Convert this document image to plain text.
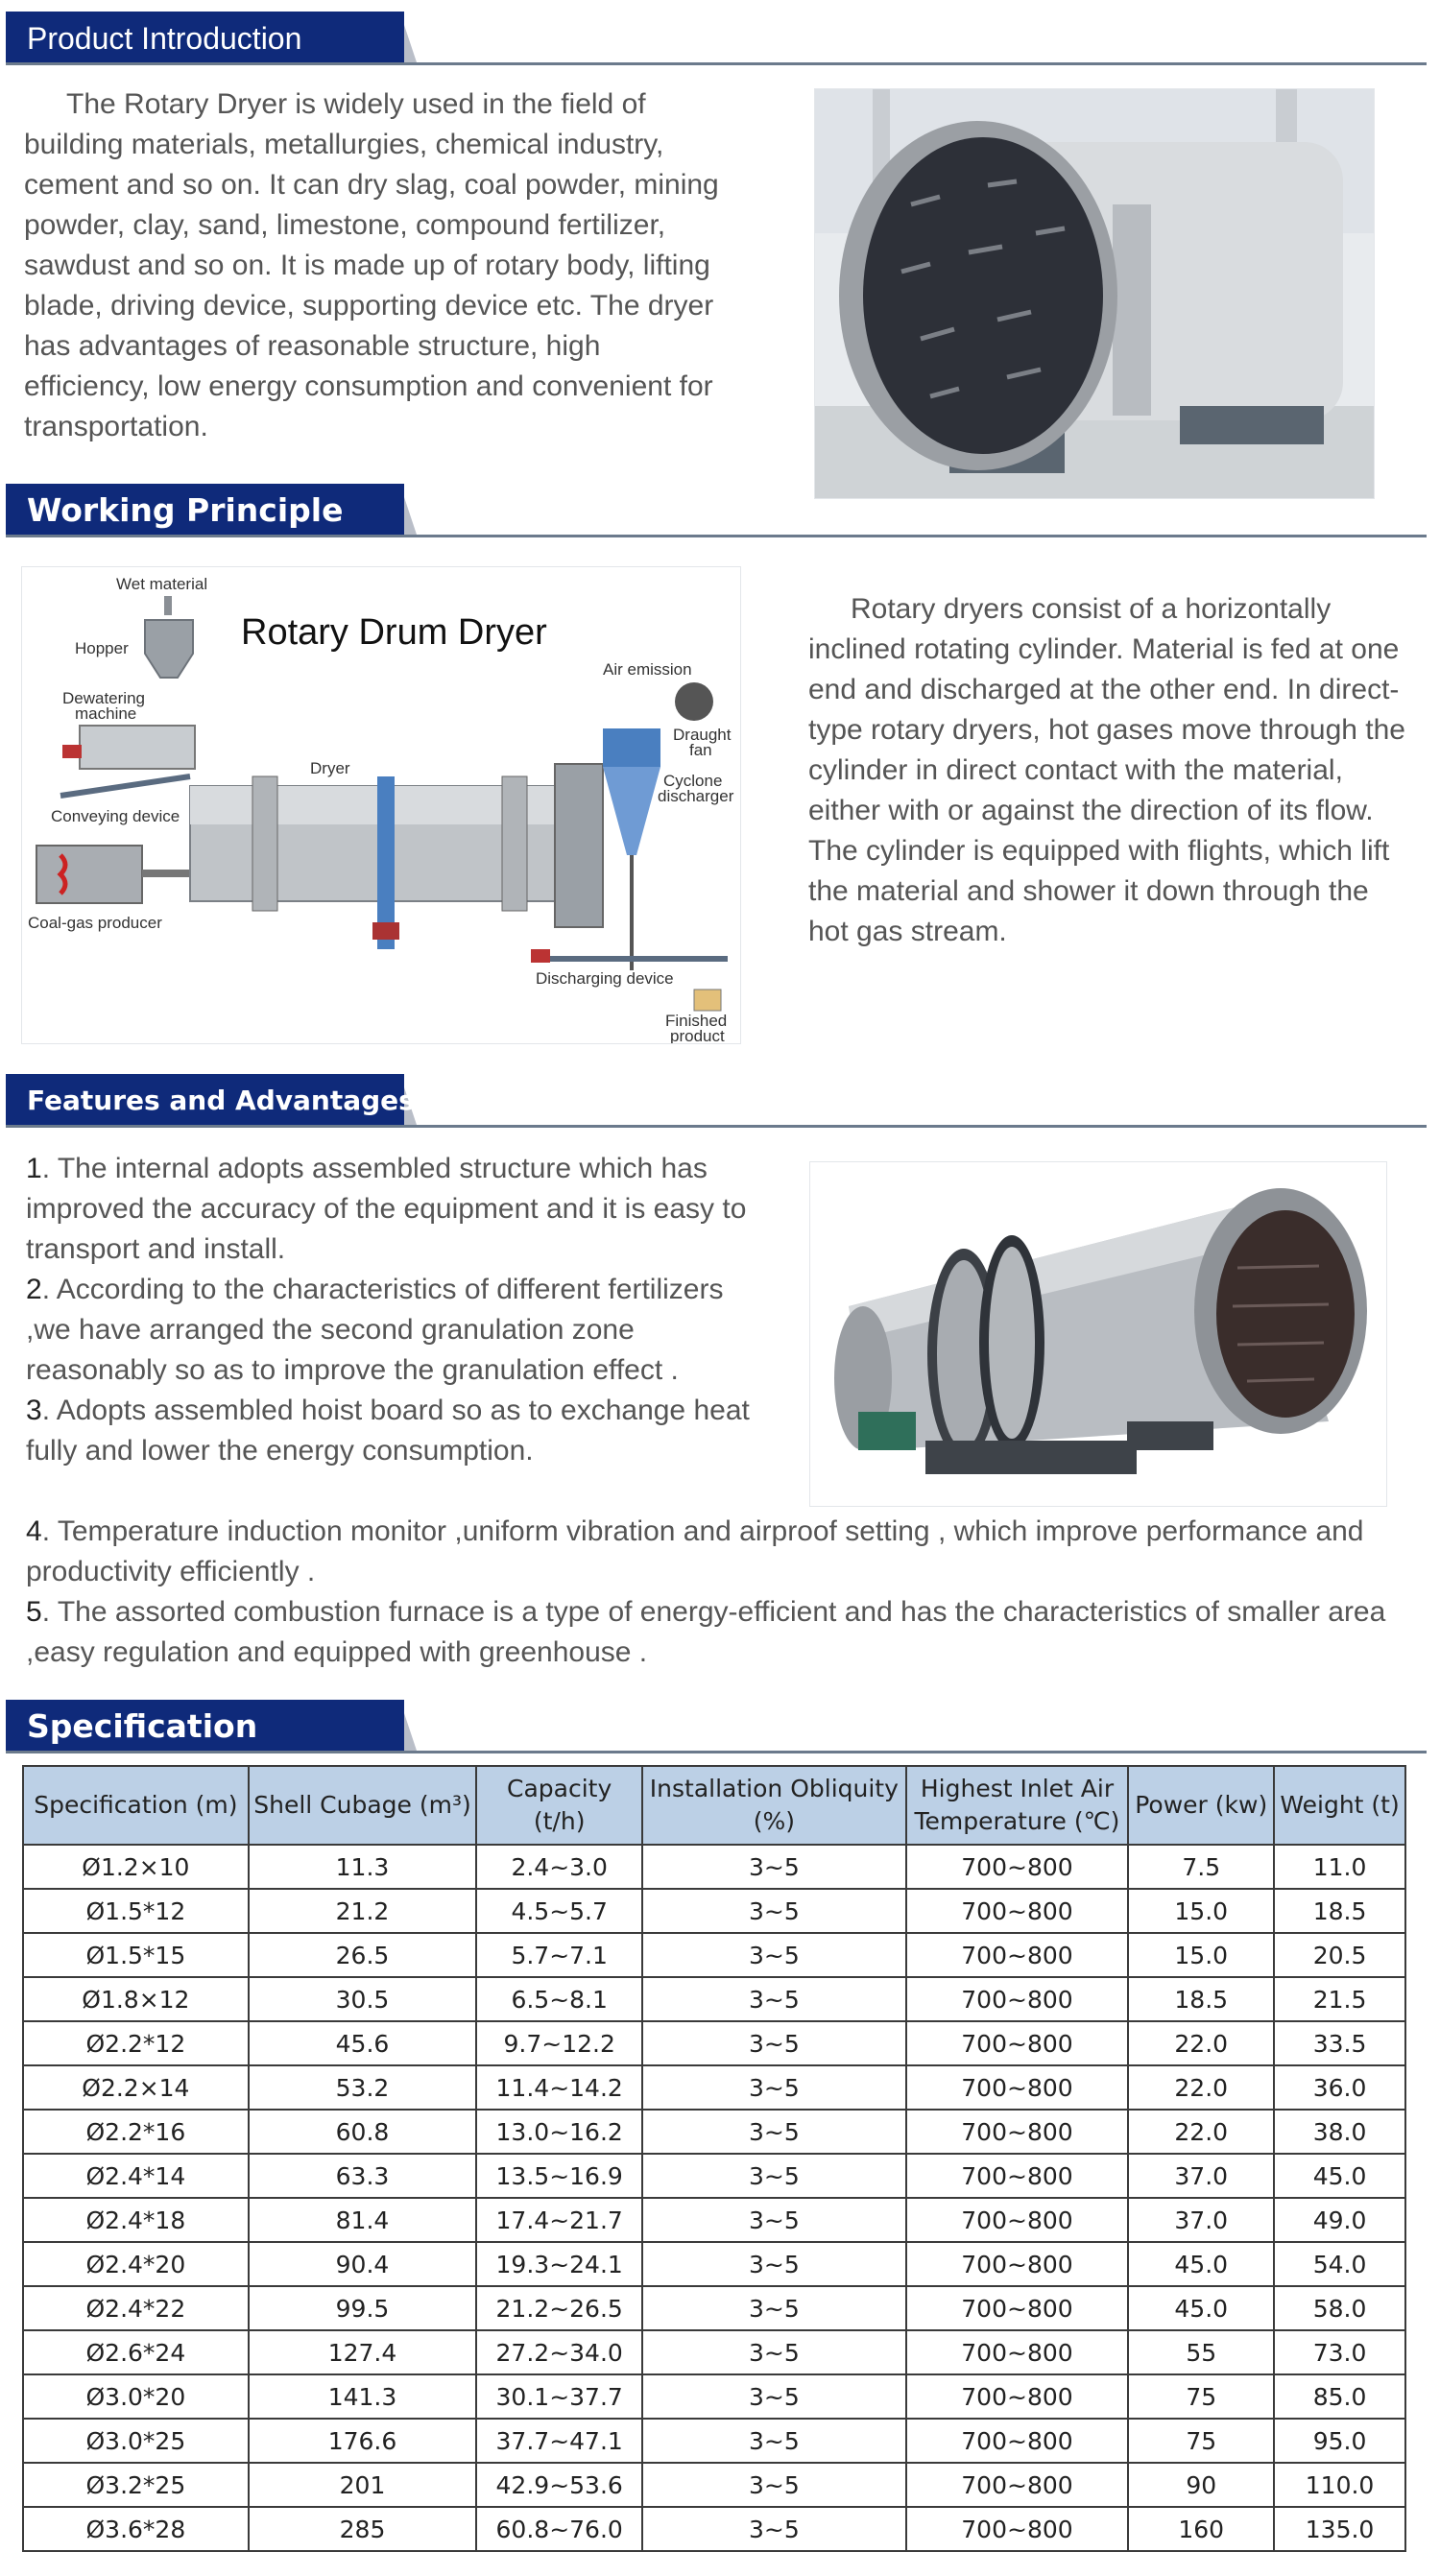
Product Introduction

The Rotary Dryer is widely used in the field of building materials, metallurgies, chemical industry, cement and so on. It can dry slag, coal powder, mining powder, clay, sand, limestone, compound fertilizer, sawdust and so on. It is made up of rotary body, lifting blade, driving device, supporting device etc. The dryer has advantages of reasonable structure, high efficiency, low energy consumption and convenient for transportation.

Working Principle
Rotary Drum Dryer
Wet material
Hopper
Dewatering
machine
Conveying device
Coal-gas producer
Dryer
Air emission
Draught
fan
Cyclone
discharger
Discharging device
Finished
product

Rotary dryers consist of a horizontally inclined rotating cylinder. Material is fed at one end and discharged at the other end. In direct-type rotary dryers, hot gases move through the cylinder in direct contact with the material, either with or against the direction of its flow. The cylinder is equipped with flights, which lift the material and shower it down through the hot gas stream.

Features and Advantages

1. The internal adopts assembled structure which has improved the accuracy of the equipment and it is easy to transport and install.

2. According to the characteristics of different fertilizers ,we have arranged the second granulation zone reasonably so as to improve the granulation effect .

3. Adopts assembled hoist board so as to exchange heat fully and lower the energy consumption.

4. Temperature induction monitor ,uniform vibration and airproof setting , which improve performance and productivity efficiently .

5. The assorted combustion furnace is a type of energy-efficient and has the characteristics of smaller area ,easy regulation and equipped with greenhouse .

Specification
Specification (m)	Shell Cubage (m³)	Capacity (t/h)	Installation Obliquity (%)	Highest Inlet Air Temperature (℃)	Power (kw)	Weight (t)
Ø1.2×10	11.3	2.4~3.0	3~5	700~800	7.5	11.0
Ø1.5*12	21.2	4.5~5.7	3~5	700~800	15.0	18.5
Ø1.5*15	26.5	5.7~7.1	3~5	700~800	15.0	20.5
Ø1.8×12	30.5	6.5~8.1	3~5	700~800	18.5	21.5
Ø2.2*12	45.6	9.7~12.2	3~5	700~800	22.0	33.5
Ø2.2×14	53.2	11.4~14.2	3~5	700~800	22.0	36.0
Ø2.2*16	60.8	13.0~16.2	3~5	700~800	22.0	38.0
Ø2.4*14	63.3	13.5~16.9	3~5	700~800	37.0	45.0
Ø2.4*18	81.4	17.4~21.7	3~5	700~800	37.0	49.0
Ø2.4*20	90.4	19.3~24.1	3~5	700~800	45.0	54.0
Ø2.4*22	99.5	21.2~26.5	3~5	700~800	45.0	58.0
Ø2.6*24	127.4	27.2~34.0	3~5	700~800	55	73.0
Ø3.0*20	141.3	30.1~37.7	3~5	700~800	75	85.0
Ø3.0*25	176.6	37.7~47.1	3~5	700~800	75	95.0
Ø3.2*25	201	42.9~53.6	3~5	700~800	90	110.0
Ø3.6*28	285	60.8~76.0	3~5	700~800	160	135.0
